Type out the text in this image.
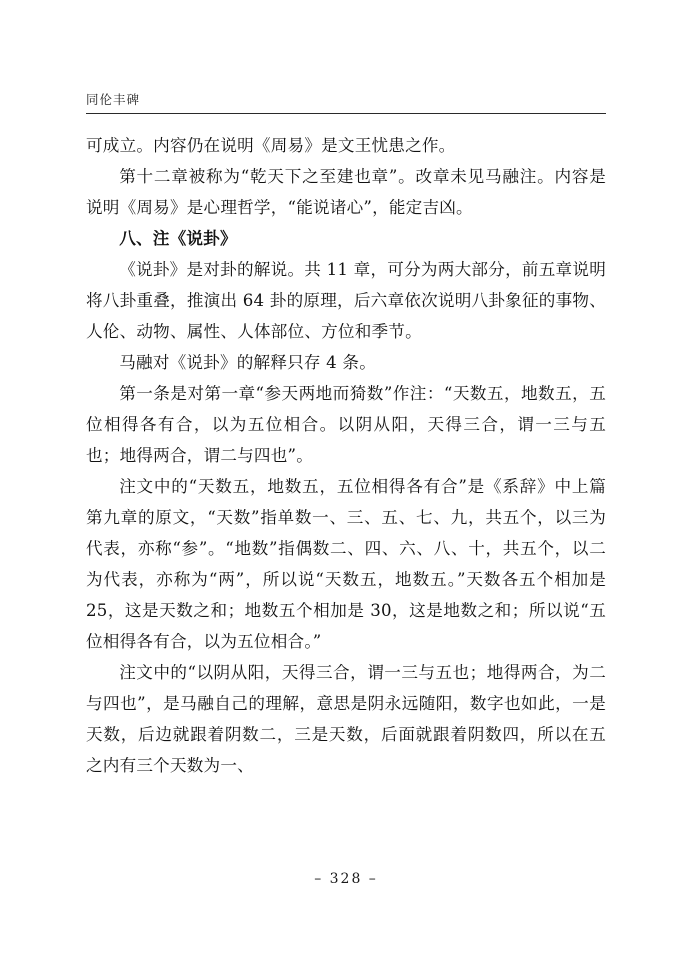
同伦丰碑

可成立。内容仍在说明《周易》是文王忧患之作。

第十二章被称为“乾天下之至建也章”。改章未见马融注。内容是说明《周易》是心理哲学，“能说诸心”，能定吉凶。

八、注《说卦》

《说卦》是对卦的解说。共 11 章，可分为两大部分，前五章说明将八卦重叠，推演出 64 卦的原理，后六章依次说明八卦象征的事物、人伦、动物、属性、人体部位、方位和季节。

马融对《说卦》的解释只存 4 条。

第一条是对第一章“参天两地而猗数”作注：“天数五，地数五，五位相得各有合，以为五位相合。以阴从阳，天得三合，谓一三与五也；地得两合，谓二与四也”。

注文中的“天数五，地数五，五位相得各有合”是《系辞》中上篇第九章的原文，“天数”指单数一、三、五、七、九，共五个，以三为代表，亦称“参”。“地数”指偶数二、四、六、八、十，共五个，以二为代表，亦称为“两”，所以说“天数五，地数五。”天数各五个相加是 25，这是天数之和；地数五个相加是 30，这是地数之和；所以说“五位相得各有合，以为五位相合。”

注文中的“以阴从阳，天得三合，谓一三与五也；地得两合，为二与四也”，是马融自己的理解，意思是阴永远随阳，数字也如此，一是天数，后边就跟着阴数二，三是天数，后面就跟着阴数四，所以在五之内有三个天数为一、

– 328 –
